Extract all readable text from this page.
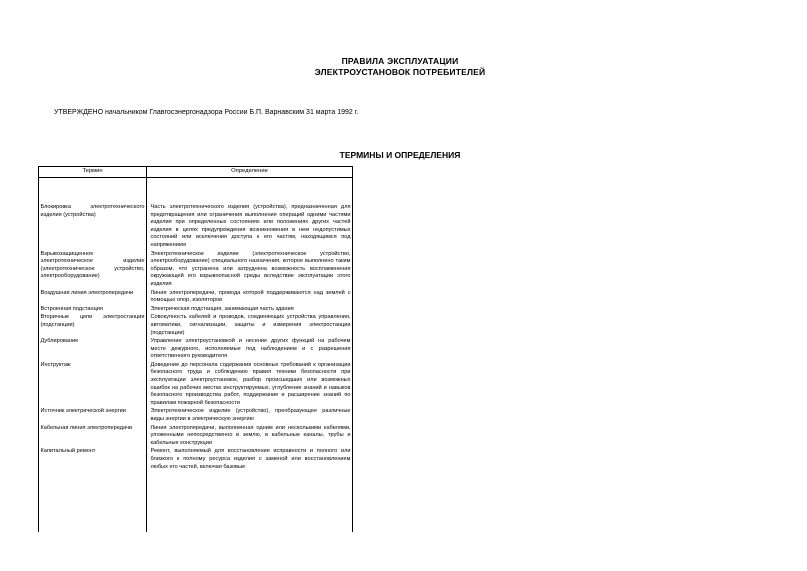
ПРАВИЛА ЭКСПЛУАТАЦИИ
ЭЛЕКТРОУСТАНОВОК ПОТРЕБИТЕЛЕЙ
УТВЕРЖДЕНО начальником Главгосэнергонадзора России Б.П. Варнавским 31 марта 1992 г.
ТЕРМИНЫ И ОПРЕДЕЛЕНИЯ
Термин	Определение

Блокировка электротехнического изделия (устройства)	Часть электротехнического изделия (устройства), предназначенная для предотвращения или ограничения выполнения операций одними частями изделия при определенных состояниях или положениях других частей изделия в целях предупреждения возникновения в нем недопустимых состояний или исключения доступа к его частям, находящимся под напряжением
Взрывозащищенное электротехническое изделие (электротехническое устройство, электрооборудование)	Электротехническое изделие (электротехническое устройство, электрооборудование) специального назначения, которое выполнено таким образом, что устранена или затруднена возможность воспламенения окружающей его взрывоопасной среды вследствие эксплуатации этого изделия
Воздушная линия электропередачи	Линия электропередачи, провода которой поддерживаются над землей с помощью опор, изоляторов
Встроенная подстанция	Электрическая подстанция, занимающая часть здания
Вторичные цепи электростанции (подстанции)	Совокупность кабелей и проводов, соединяющих устройства управления, автоматики, сигнализации, защиты и измерения электростанции (подстанции)
Дублирование	Управление электроустановкой и несение других функций на рабочем месте дежурного, исполняемые под наблюдением и с разрешения ответственного руководителя
Инструктаж	Доведение до персонала содержания основных требований к организации безопасного труда и соблюдению правил техники безопасности при эксплуатации электроустановок, разбор происшедших или возможных ошибок на рабочих местах инструктируемых, углубление знаний и навыков безопасного производства работ, поддержание и расширение знаний по правилам пожарной безопасности
Источник электрической энергии	Электротехническое изделие (устройство), преобразующее различные виды энергии в электрическую энергию
Кабельная линия электропередачи	Линия электропередачи, выполненная одним или несколькими кабелями, уложенными непосредственно в землю, в кабельные каналы, трубы и кабельные конструкции
Капитальный ремонт	Ремонт, выполняемый для восстановления исправности и полного или близкого к полному ресурса изделия с заменой или восстановлением любых его частей, включая базовые
